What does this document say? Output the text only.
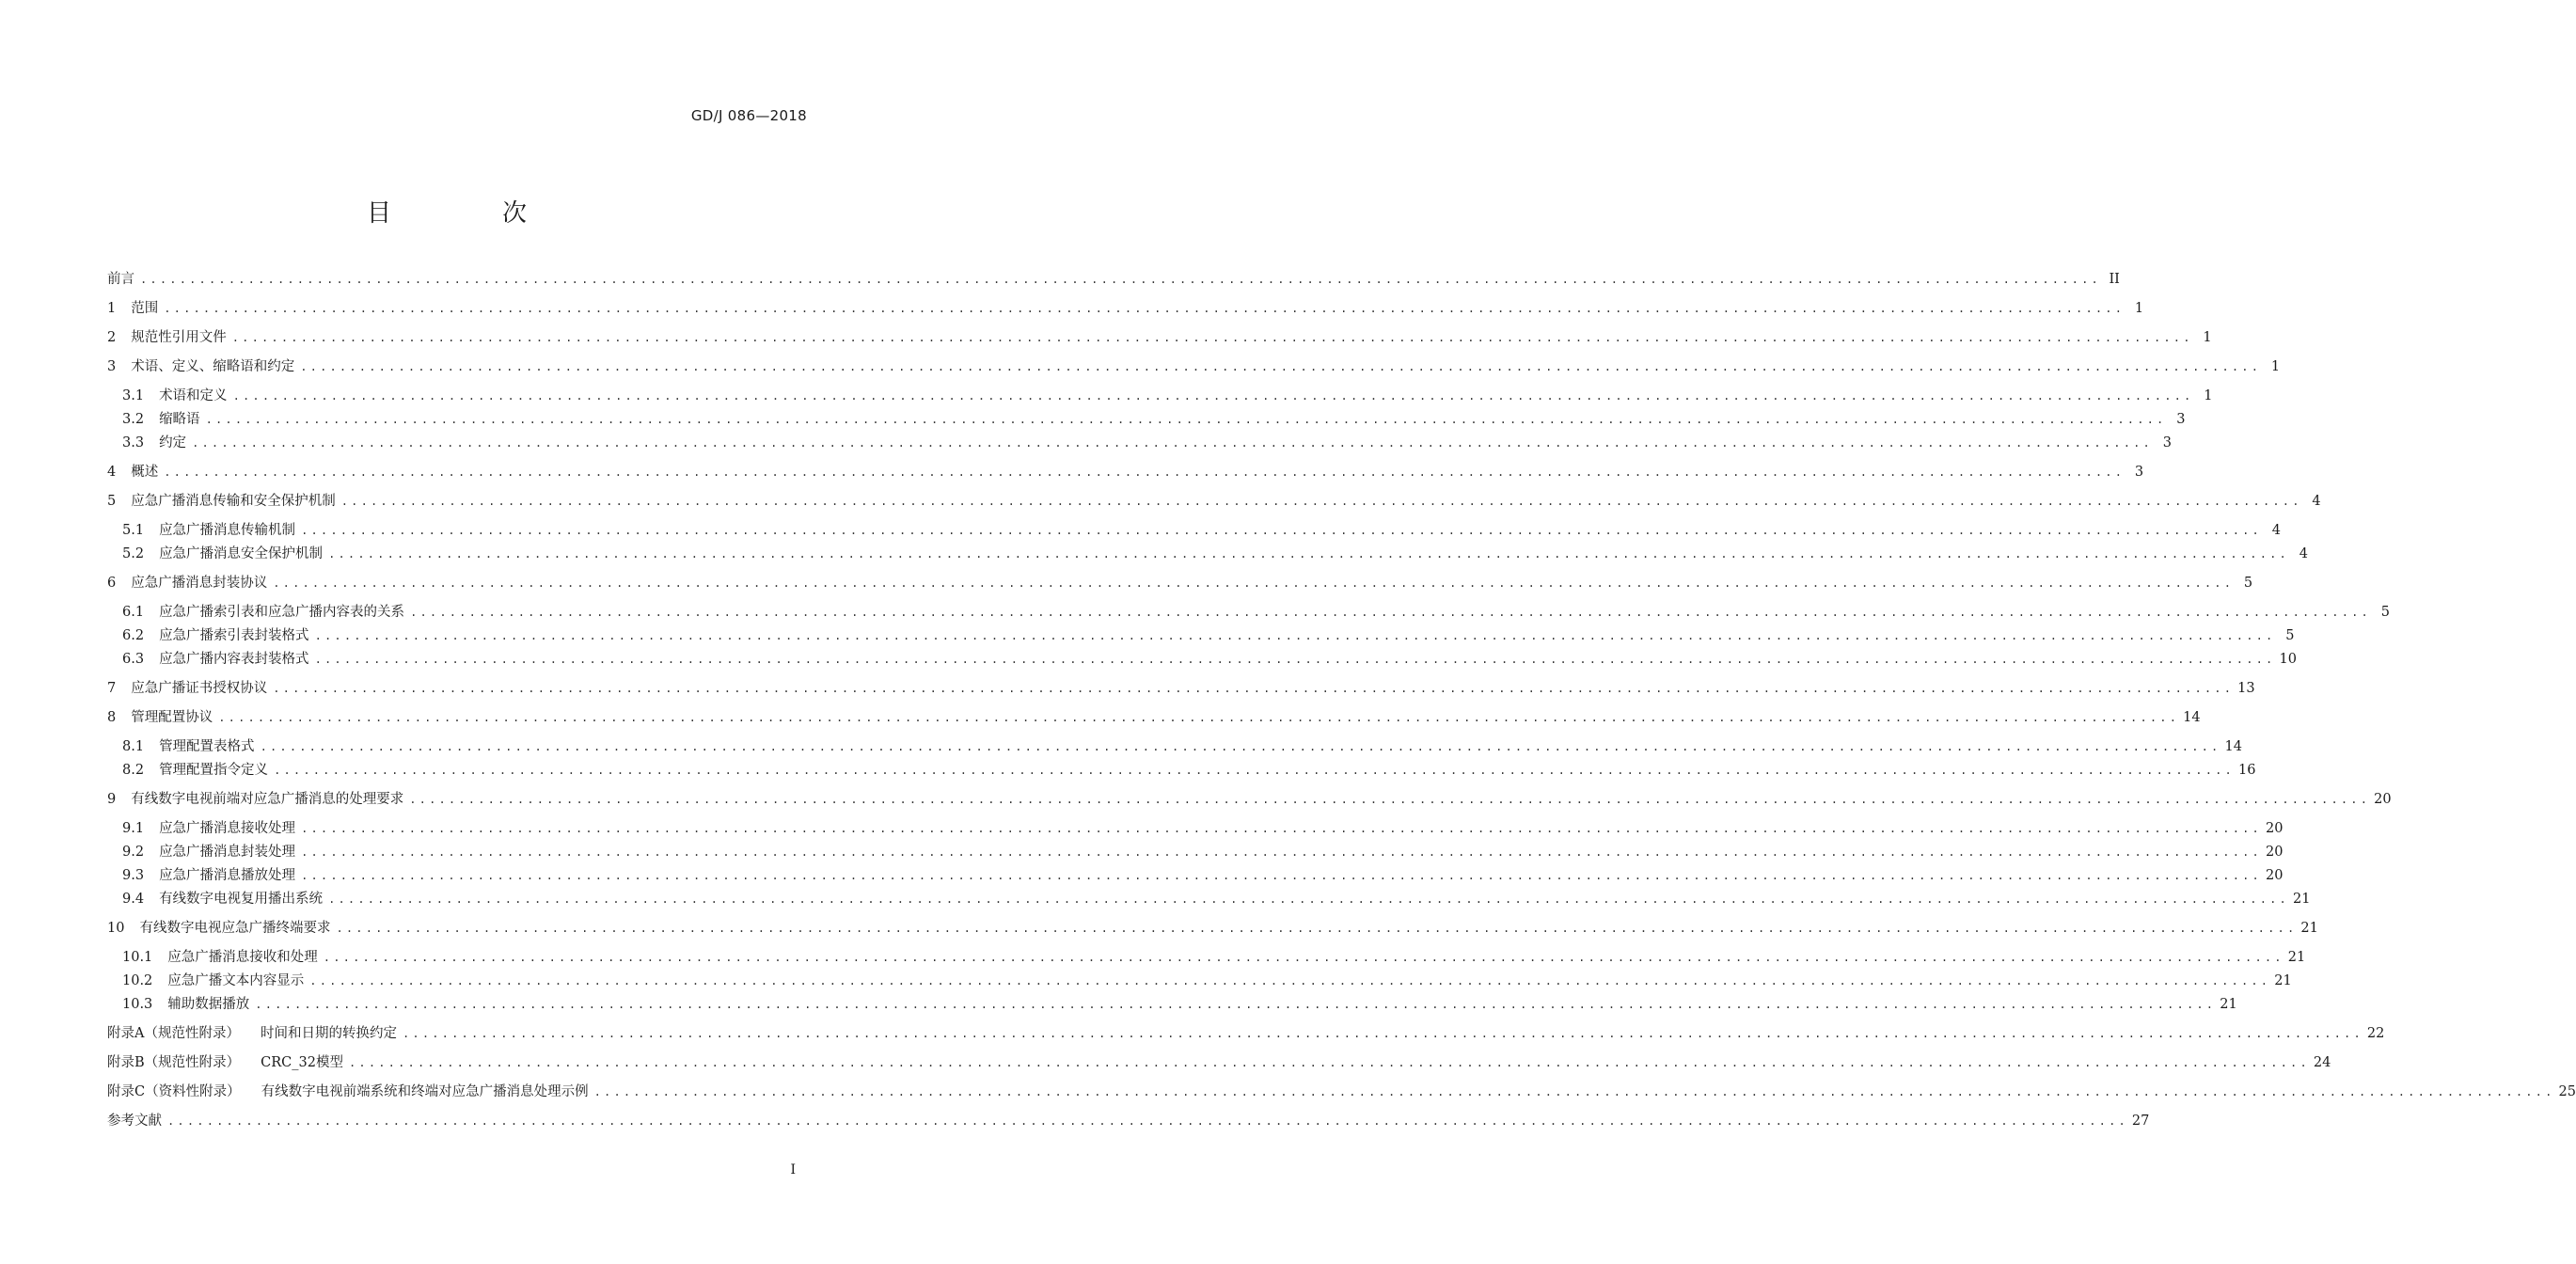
GD/J 086—2018
目　次
前言 ........................................................................................................................................................................................................ II
1 范围 ........................................................................................................................................................................................................ 1
2 规范性引用文件 ........................................................................................................................................................................................................ 1
3 术语、定义、缩略语和约定 ........................................................................................................................................................................................................ 1
3.1 术语和定义 ........................................................................................................................................................................................................ 1
3.2 缩略语 ........................................................................................................................................................................................................ 3
3.3 约定 ........................................................................................................................................................................................................ 3
4 概述 ........................................................................................................................................................................................................ 3
5 应急广播消息传输和安全保护机制 ........................................................................................................................................................................................................ 4
5.1 应急广播消息传输机制 ........................................................................................................................................................................................................ 4
5.2 应急广播消息安全保护机制 ........................................................................................................................................................................................................ 4
6 应急广播消息封装协议 ........................................................................................................................................................................................................ 5
6.1 应急广播索引表和应急广播内容表的关系 ........................................................................................................................................................................................................ 5
6.2 应急广播索引表封装格式 ........................................................................................................................................................................................................ 5
6.3 应急广播内容表封装格式 ........................................................................................................................................................................................................ 10
7 应急广播证书授权协议 ........................................................................................................................................................................................................ 13
8 管理配置协议 ........................................................................................................................................................................................................ 14
8.1 管理配置表格式 ........................................................................................................................................................................................................ 14
8.2 管理配置指令定义 ........................................................................................................................................................................................................ 16
9 有线数字电视前端对应急广播消息的处理要求 ........................................................................................................................................................................................................ 20
9.1 应急广播消息接收处理 ........................................................................................................................................................................................................ 20
9.2 应急广播消息封装处理 ........................................................................................................................................................................................................ 20
9.3 应急广播消息播放处理 ........................................................................................................................................................................................................ 20
9.4 有线数字电视复用播出系统 ........................................................................................................................................................................................................ 21
10 有线数字电视应急广播终端要求 ........................................................................................................................................................................................................ 21
10.1 应急广播消息接收和处理 ........................................................................................................................................................................................................ 21
10.2 应急广播文本内容显示 ........................................................................................................................................................................................................ 21
10.3 辅助数据播放 ........................................................................................................................................................................................................ 21
附录A（规范性附录） 时间和日期的转换约定 ........................................................................................................................................................................................................ 22
附录B（规范性附录） CRC_32模型 ........................................................................................................................................................................................................ 24
附录C（资料性附录） 有线数字电视前端系统和终端对应急广播消息处理示例 ........................................................................................................................................................................................................ 25
参考文献 ........................................................................................................................................................................................................ 27
I
